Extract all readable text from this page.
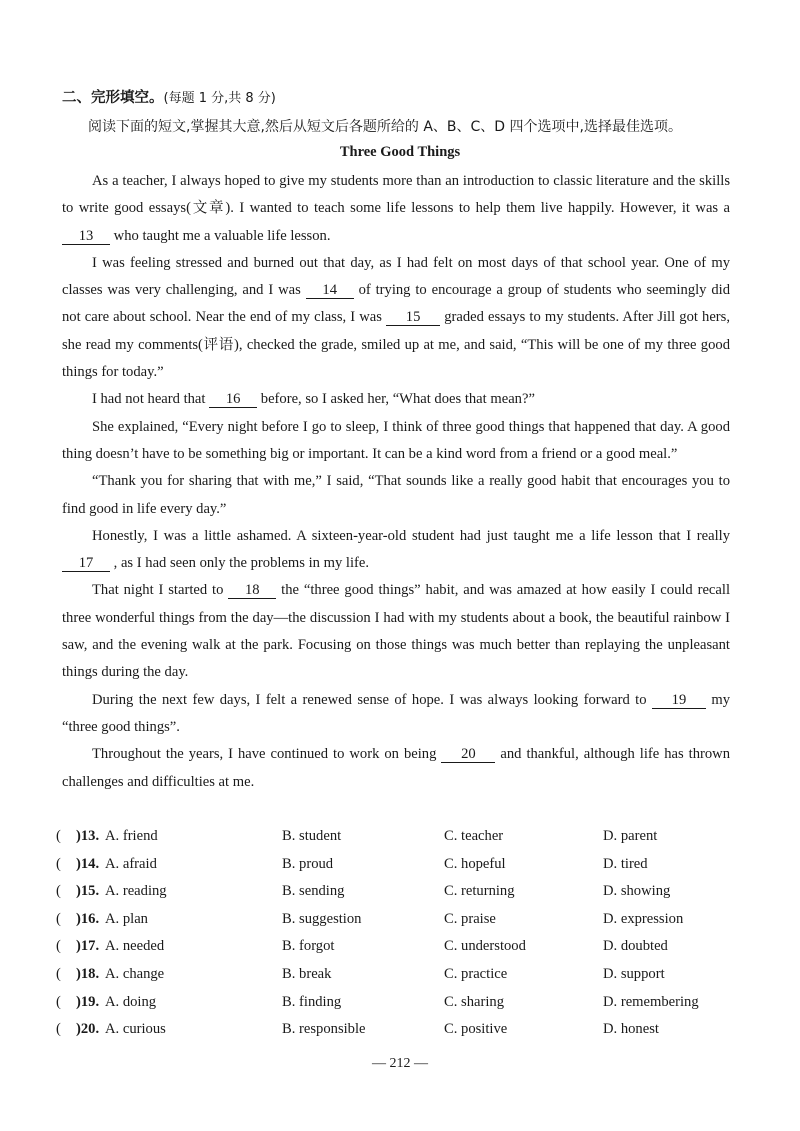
二、完形填空。(每题 1 分,共 8 分)
阅读下面的短文,掌握其大意,然后从短文后各题所给的 A、B、C、D 四个选项中,选择最佳选项。
Three Good Things

As a teacher, I always hoped to give my students more than an introduction to classic literature and the skills to write good essays(文章). I wanted to teach some life lessons to help them live happily. However, it was a 13 who taught me a valuable life lesson.

I was feeling stressed and burned out that day, as I had felt on most days of that school year. One of my classes was very challenging, and I was 14 of trying to encourage a group of students who seemingly did not care about school. Near the end of my class, I was 15 graded essays to my students. After Jill got hers, she read my comments(评语), checked the grade, smiled up at me, and said, “This will be one of my three good things for today.”

I had not heard that 16 before, so I asked her, “What does that mean?”

She explained, “Every night before I go to sleep, I think of three good things that happened that day. A good thing doesn’t have to be something big or important. It can be a kind word from a friend or a good meal.”

“Thank you for sharing that with me,” I said, “That sounds like a really good habit that encourages you to find good in life every day.”

Honestly, I was a little ashamed. A sixteen-year-old student had just taught me a life lesson that I really 17 , as I had seen only the problems in my life.

That night I started to 18 the “three good things” habit, and was amazed at how easily I could recall three wonderful things from the day—the discussion I had with my students about a book, the beautiful rainbow I saw, and the evening walk at the park. Focusing on those things was much better than replaying the unpleasant things during the day.

During the next few days, I felt a renewed sense of hope. I was always looking forward to 19 my “three good things”.

Throughout the years, I have continued to work on being 20 and thankful, although life has thrown challenges and difficulties at me.

( )13. A. friend	B. student	C. teacher	D. parent
( )14. A. afraid	B. proud	C. hopeful	D. tired
( )15. A. reading	B. sending	C. returning	D. showing
( )16. A. plan	B. suggestion	C. praise	D. expression
( )17. A. needed	B. forgot	C. understood	D. doubted
( )18. A. change	B. break	C. practice	D. support
( )19. A. doing	B. finding	C. sharing	D. remembering
( )20. A. curious	B. responsible	C. positive	D. honest
— 212 —
